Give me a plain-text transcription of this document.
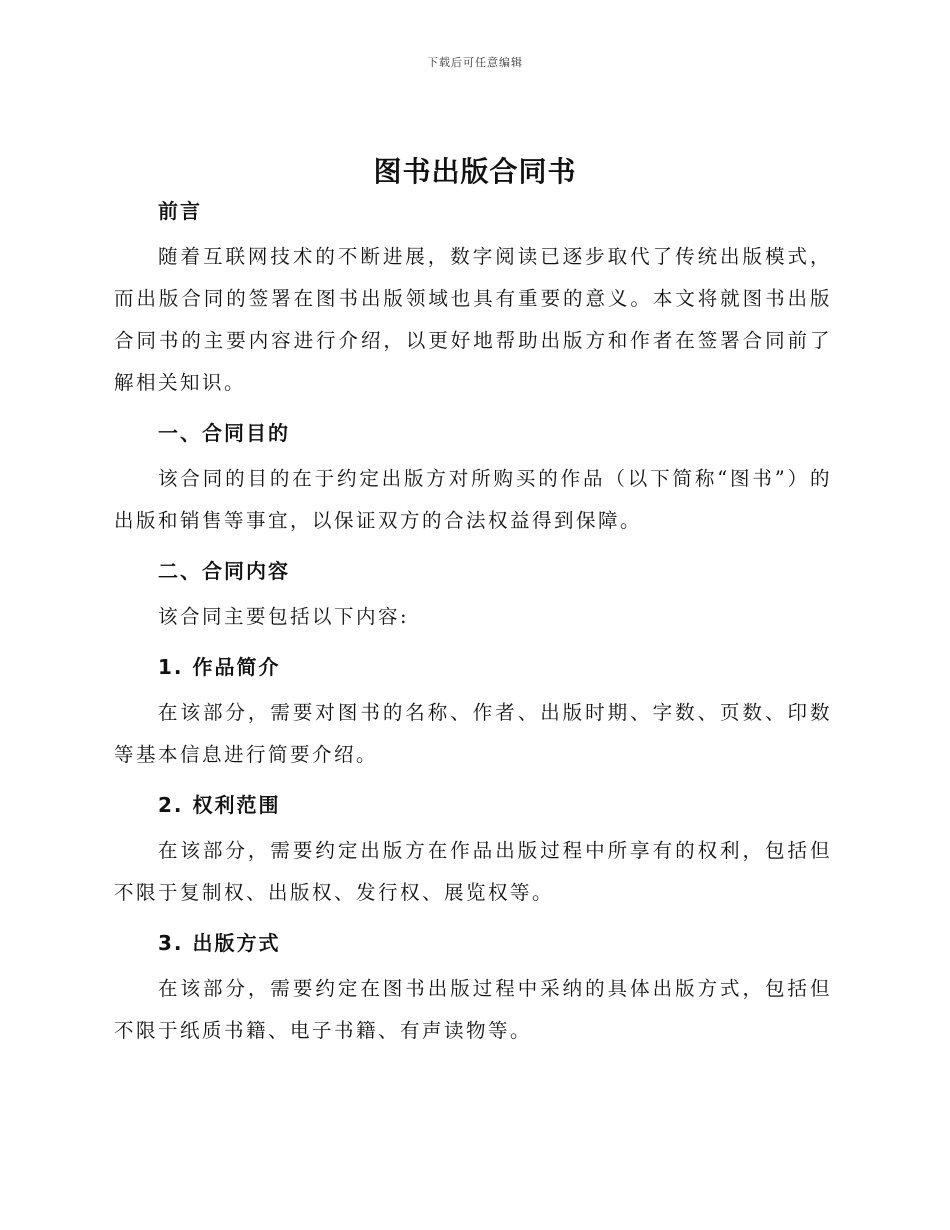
下载后可任意编辑
图书出版合同书
前言

随着互联网技术的不断进展，数字阅读已逐步取代了传统出版模式，而出版合同的签署在图书出版领域也具有重要的意义。本文将就图书出版合同书的主要内容进行介绍，以更好地帮助出版方和作者在签署合同前了解相关知识。

一、合同目的

该合同的目的在于约定出版方对所购买的作品（以下简称“图书”）的出版和销售等事宜，以保证双方的合法权益得到保障。

二、合同内容

该合同主要包括以下内容:

1. 作品简介

在该部分，需要对图书的名称、作者、出版时期、字数、页数、印数等基本信息进行简要介绍。

2. 权利范围

在该部分，需要约定出版方在作品出版过程中所享有的权利，包括但不限于复制权、出版权、发行权、展览权等。

3. 出版方式

在该部分，需要约定在图书出版过程中采纳的具体出版方式，包括但不限于纸质书籍、电子书籍、有声读物等。
